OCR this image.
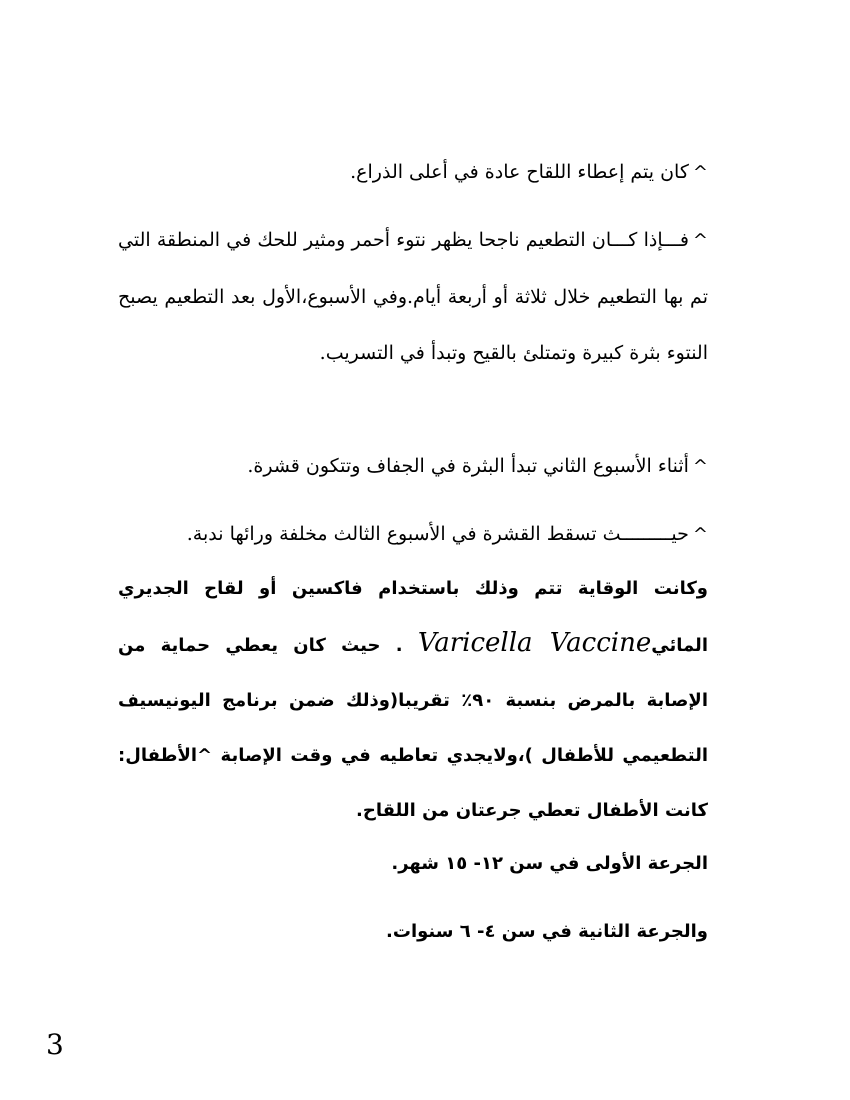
^كان يتم إعطاء اللقاح عادة في أعلى الذراع.
^فـــإذا كـــان التطعيم ناجحا يظهر نتوء أحمر ومثير للحك في المنطقة التي تم بها التطعيم خلال ثلاثة أو أربعة أيام.وفي الأسبوع،الأول بعد التطعيم يصبح النتوء بثرة كبيرة وتمتلئ بالقيح وتبدأ في التسريب.
^أثناء الأسبوع الثاني تبدأ البثرة في الجفاف وتتكون قشرة.
^حيـــــــــث تسقط القشرة في الأسبوع الثالث مخلفة ورائها ندبة.
وكانت الوقاية تتم وذلك باستخدام فاكسين أو لقاح الجديري المائيVaricella Vaccine . حيث كان يعطي حماية من الإصابة بالمرض بنسبة ٩٠٪ تقريبا(وذلك ضمن برنامج اليونيسيف التطعيمي للأطفال )،ولايجدي تعاطيه في وقت الإصابة ^الأطفال: كانت الأطفال تعطي جرعتان من اللقاح.
الجرعة الأولى في سن ١٢- ١٥ شهر.
والجرعة الثانية في سن ٤- ٦ سنوات.
3
